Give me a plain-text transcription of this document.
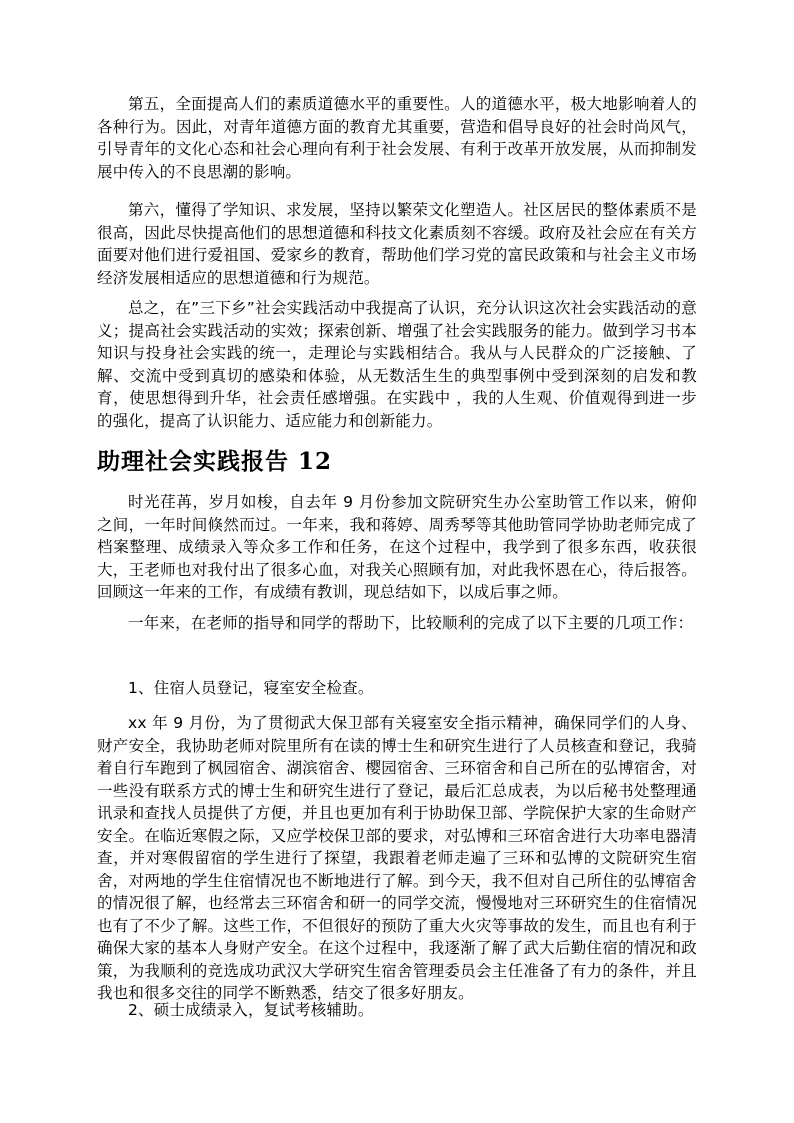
第五，全面提高人们的素质道德水平的重要性。人的道德水平，极大地影响着人的各种行为。因此，对青年道德方面的教育尤其重要，营造和倡导良好的社会时尚风气，引导青年的文化心态和社会心理向有利于社会发展、有利于改革开放发展，从而抑制发展中传入的不良思潮的影响。

第六，懂得了学知识、求发展，坚持以繁荣文化塑造人。社区居民的整体素质不是很高，因此尽快提高他们的思想道德和科技文化素质刻不容缓。政府及社会应在有关方面要对他们进行爱祖国、爱家乡的教育，帮助他们学习党的富民政策和与社会主义市场经济发展相适应的思想道德和行为规范。

总之，在”三下乡”社会实践活动中我提高了认识，充分认识这次社会实践活动的意义；提高社会实践活动的实效；探索创新、增强了社会实践服务的能力。做到学习书本知识与投身社会实践的统一，走理论与实践相结合。我从与人民群众的广泛接触、了解、交流中受到真切的感染和体验，从无数活生生的典型事例中受到深刻的启发和教育，使思想得到升华，社会责任感增强。在实践中 ，我的人生观、价值观得到进一步的强化，提高了认识能力、适应能力和创新能力。

助理社会实践报告 12

时光荏苒，岁月如梭，自去年 9 月份参加文院研究生办公室助管工作以来，俯仰之间，一年时间倏然而过。一年来，我和蒋婷、周秀琴等其他助管同学协助老师完成了档案整理、成绩录入等众多工作和任务，在这个过程中，我学到了很多东西，收获很大，王老师也对我付出了很多心血，对我关心照顾有加，对此我怀恩在心，待后报答。回顾这一年来的工作，有成绩有教训，现总结如下，以成后事之师。

一年来，在老师的指导和同学的帮助下，比较顺利的完成了以下主要的几项工作：

1、住宿人员登记，寝室安全检查。

xx 年 9 月份，为了贯彻武大保卫部有关寝室安全指示精神，确保同学们的人身、财产安全，我协助老师对院里所有在读的博士生和研究生进行了人员核查和登记，我骑着自行车跑到了枫园宿舍、湖滨宿舍、樱园宿舍、三环宿舍和自己所在的弘博宿舍，对一些没有联系方式的博士生和研究生进行了登记，最后汇总成表，为以后秘书处整理通讯录和查找人员提供了方便，并且也更加有利于协助保卫部、学院保护大家的生命财产安全。在临近寒假之际，又应学校保卫部的要求，对弘博和三环宿舍进行大功率电器清查，并对寒假留宿的学生进行了探望，我跟着老师走遍了三环和弘博的文院研究生宿舍，对两地的学生住宿情况也不断地进行了解。到今天，我不但对自己所住的弘博宿舍的情况很了解，也经常去三环宿舍和研一的同学交流，慢慢地对三环研究生的住宿情况也有了不少了解。这些工作，不但很好的预防了重大火灾等事故的发生，而且也有利于确保大家的基本人身财产安全。在这个过程中，我逐渐了解了武大后勤住宿的情况和政策，为我顺利的竞选成功武汉大学研究生宿舍管理委员会主任准备了有力的条件，并且我也和很多交往的同学不断熟悉，结交了很多好朋友。

2、硕士成绩录入，复试考核辅助。
